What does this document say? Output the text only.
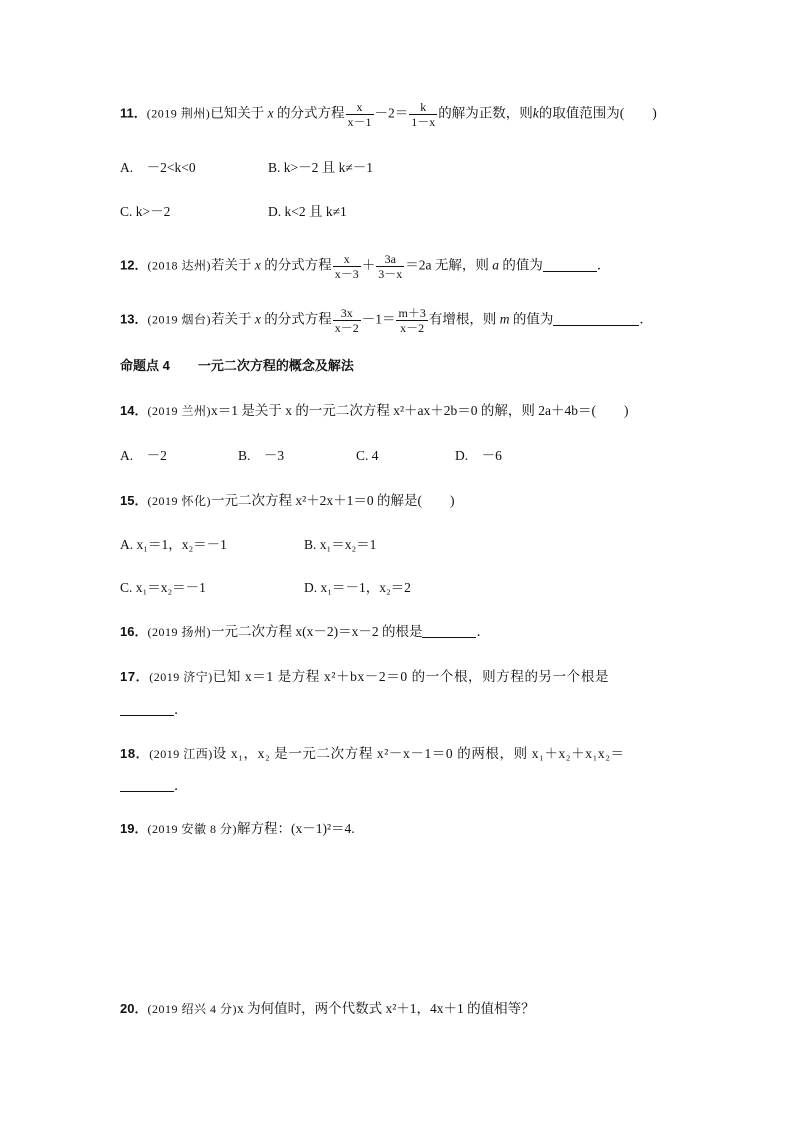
11．(2019 荆州)已知关于 x 的分式方程 $\frac{x}{x-1} -2= \frac{k}{1-x}$ 的解为正数，则k的取值范围为( )
A.　－2<k<0	B. k>－2 且 k≠－1
C. k>－2	D. k<2 且 k≠1
12．(2018 达州)若关于 x 的分式方程 $\frac{x}{x-3} + \frac{3a}{3-x} =2a$ 无解，则 a 的值为	．
13．(2019 烟台)若关于 x 的分式方程 $\frac{3x}{x-2} -1= \frac{m+3}{x-2}$ 有增根，则 m 的值为	．
命题点 4 一元二次方程的概念及解法
14．(2019 兰州)x＝1 是关于 x 的一元二次方程 x²＋ax＋2b＝0 的解，则 2a＋4b＝( )
A.　－2	B.　－3	C. 4	D.　－6
15．(2019 怀化)一元二次方程 x²＋2x＋1＝0 的解是( )
A. x₁＝1，x₂＝－1	B. x₁＝x₂＝1
C. x₁＝x₂＝－1	D. x₁＝－1，x₂＝2
16．(2019 扬州)一元二次方程 x(x－2)＝x－2 的根是	．
17．(2019 济宁)已知 x＝1 是方程 x²＋bx－2＝0 的一个根，则方程的另一个根是
．
18．(2019 江西)设 x₁，x₂ 是一元二次方程 x²－x－1＝0 的两根，则 x₁＋x₂＋x₁x₂＝
．
19．(2019 安徽 8 分)解方程：(x－1)²＝4.
20．(2019 绍兴 4 分)x 为何值时，两个代数式 x²＋1，4x＋1 的值相等？
